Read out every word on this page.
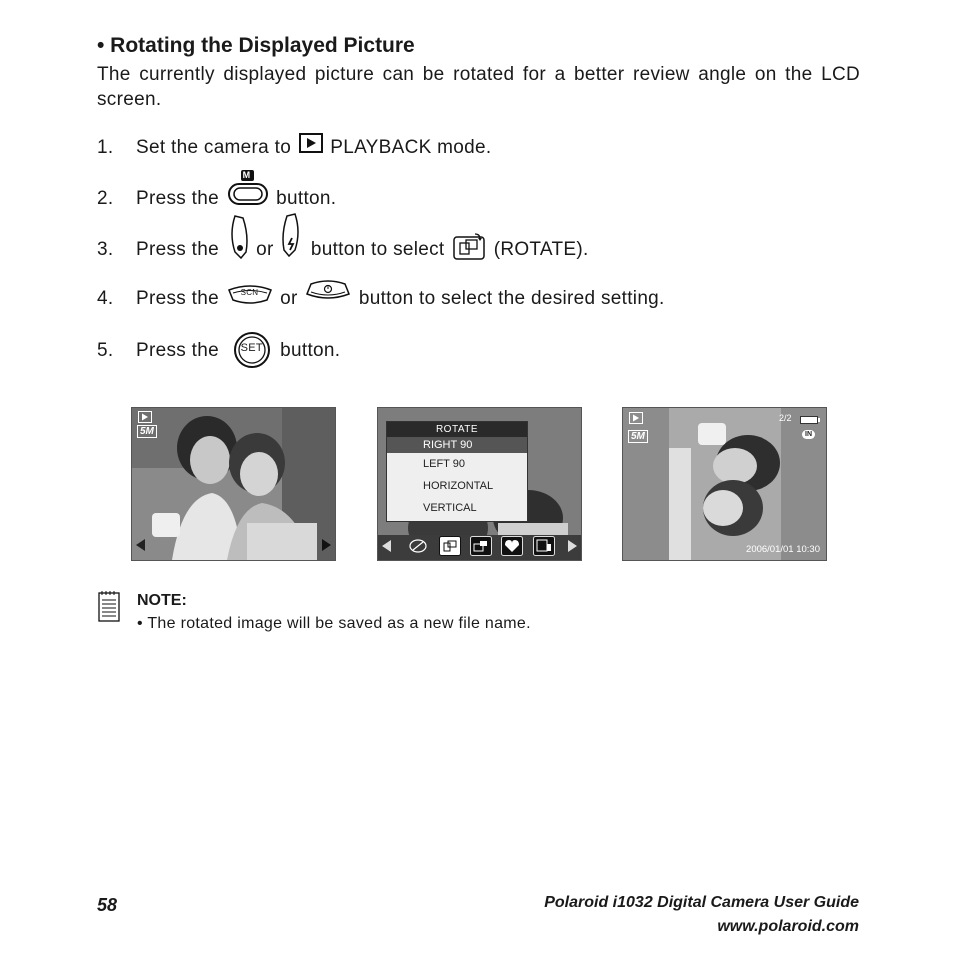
• Rotating the Displayed Picture
The currently displayed picture can be rotated for a better review angle on the LCD screen.
1. Set the camera to PLAYBACK mode.
2. Press the
M
button.
3. Press the or button to select	(ROTATE).
4. Press the	SCN or	button to select the desired setting.
5. Press the SET button.
5M	ROTATE
RIGHT 90
LEFT 90
HORIZONTAL
VERTICAL
5M
2/2
IN
2006/01/01 10:30
NOTE:
• The rotated image will be saved as a new file name.
58	Polaroid i1032 Digital Camera User Guide
www.polaroid.com
